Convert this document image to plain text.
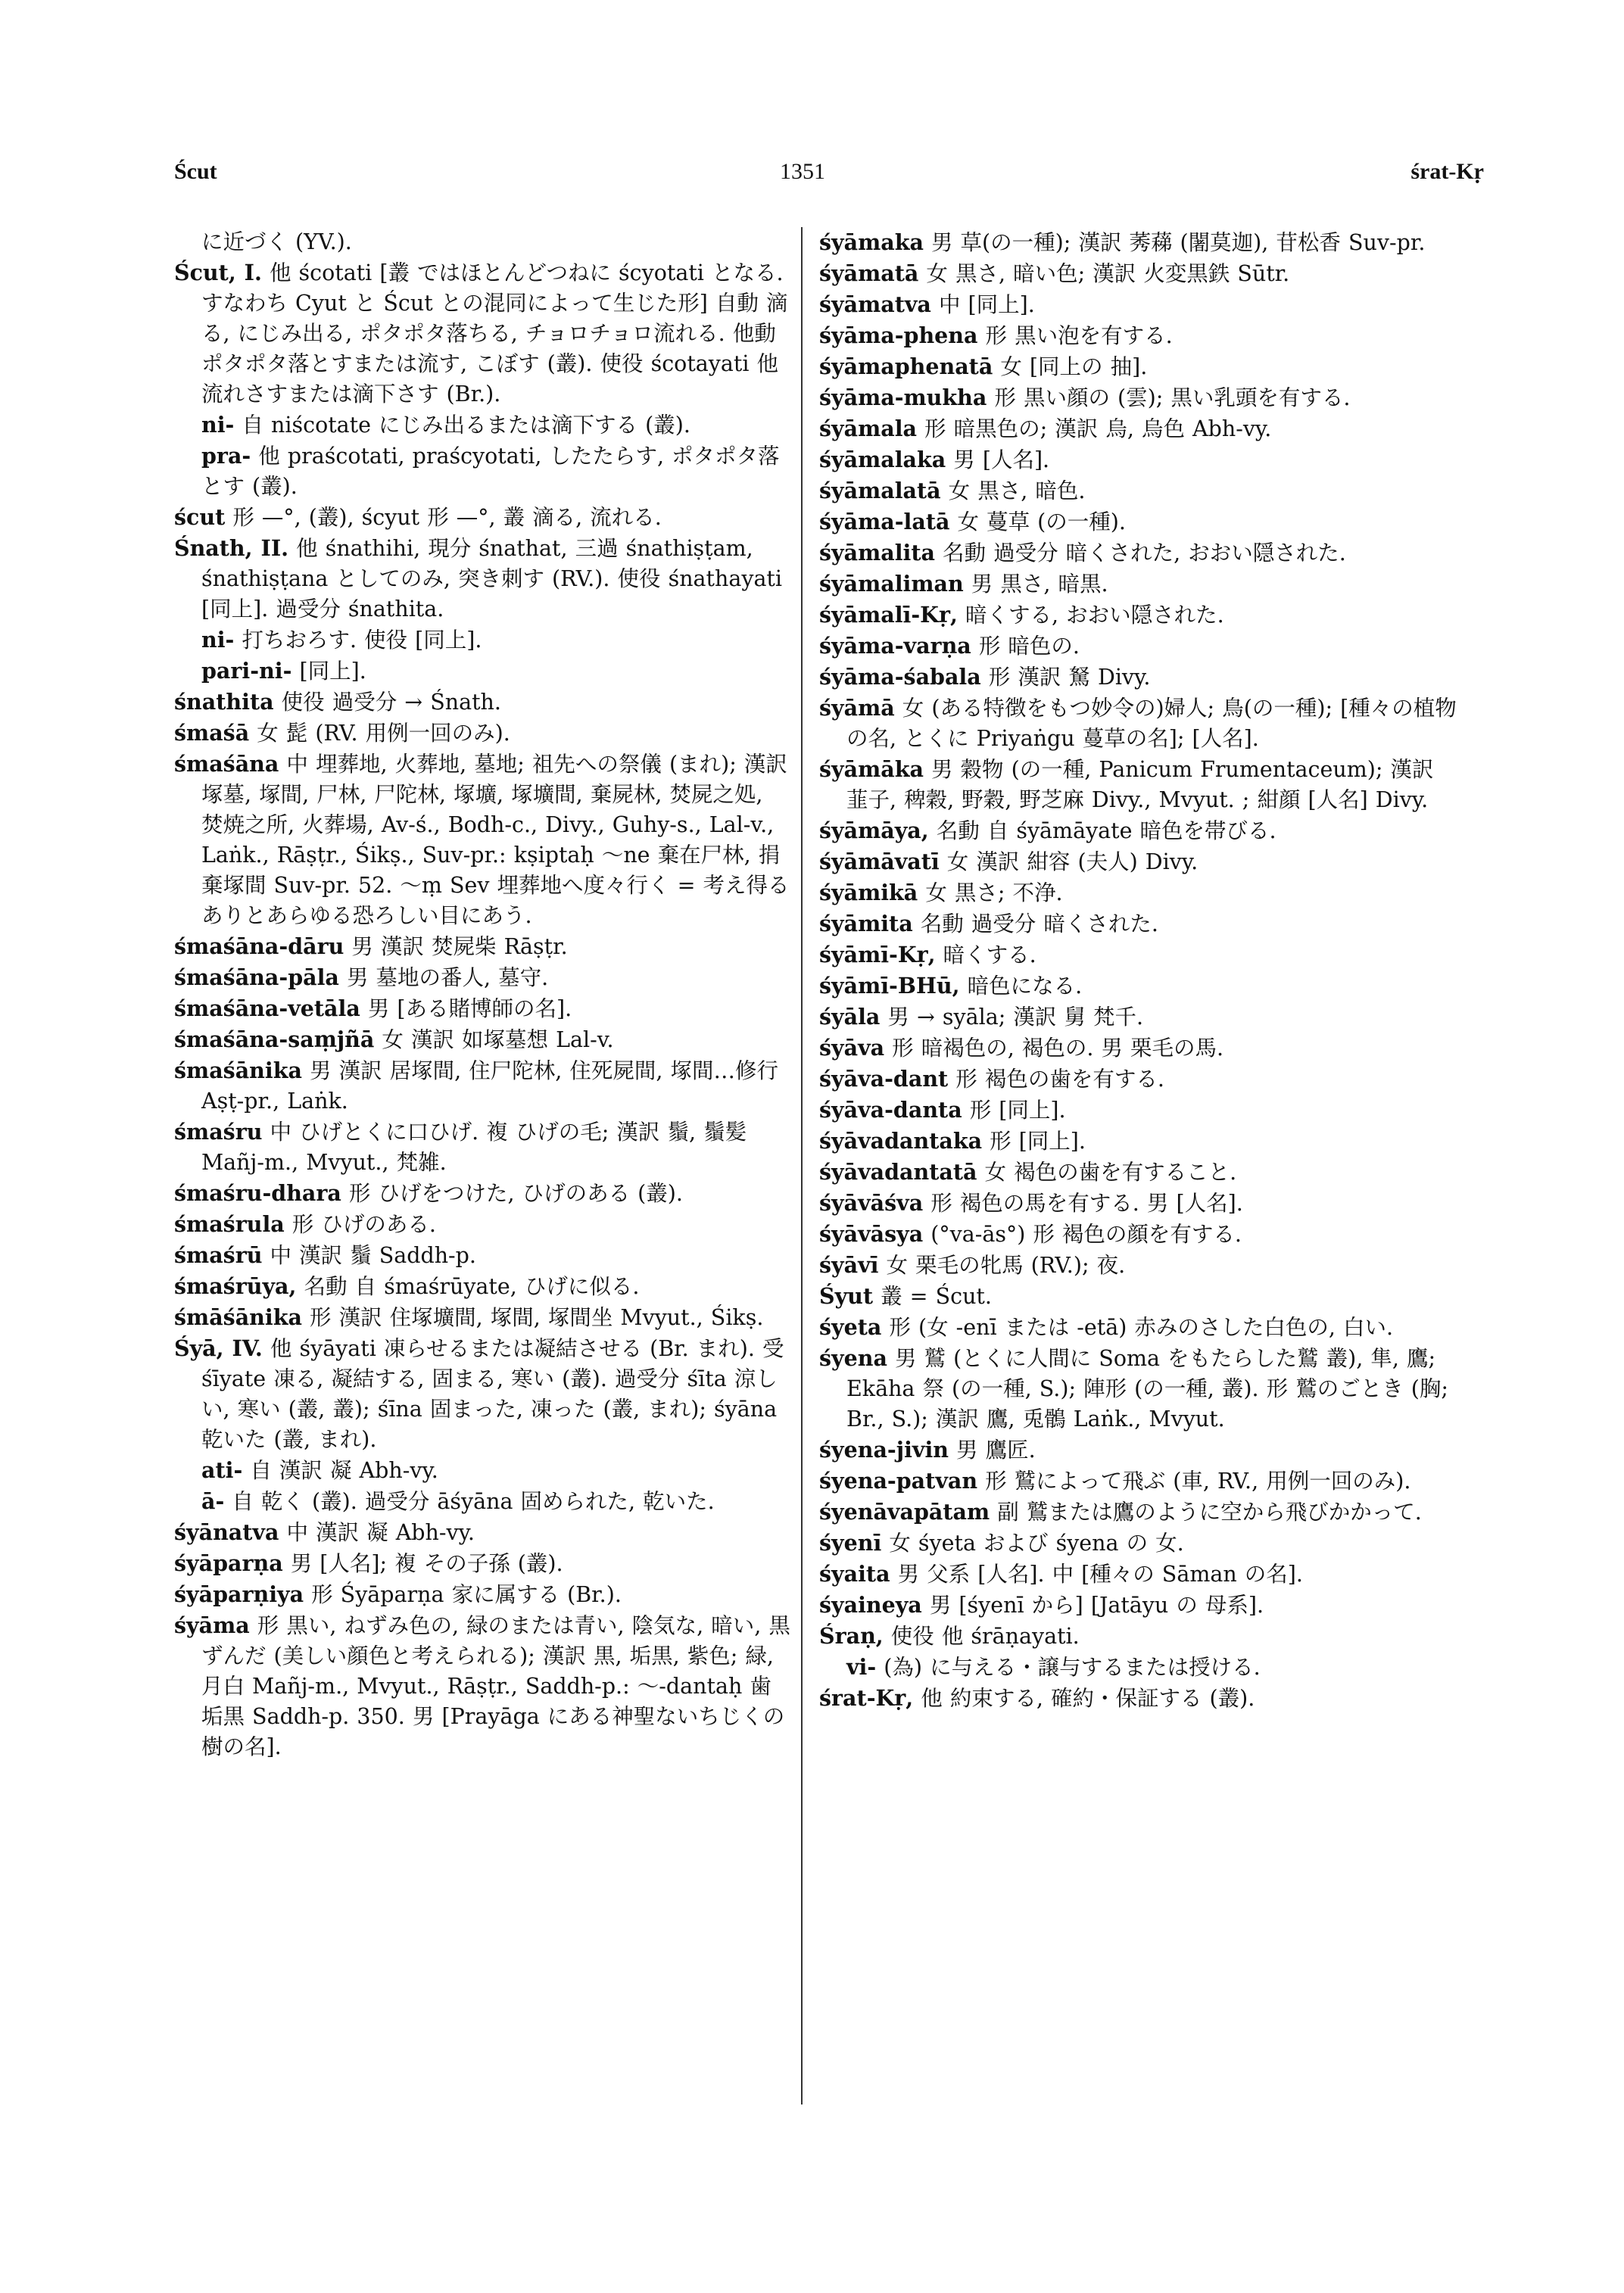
Ścut	1351	śrat-Kṛ

に近づく (YV.).

Ścut, I. 他 ścotati [叢 ではほとんどつねに ścyotati となる. すなわち Cyut と Ścut との混同によって生じた形] 自動 滴る, にじみ出る, ポタポタ落ちる, チョロチョロ流れる. 他動 ポタポタ落とすまたは流す, こぼす (叢). 使役 ścotayati 他 流れさすまたは滴下さす (Br.).

ni- 自 niścotate にじみ出るまたは滴下する (叢).

pra- 他 praścotati, praścyotati, したたらす, ポタポタ落とす (叢).

ścut 形 —°, (叢), ścyut 形 —°, 叢 滴る, 流れる.

Śnath, II. 他 śnathihi, 現分 śnathat, 三過 śnathiṣṭam, śnathiṣṭana としてのみ, 突き刺す (RV.). 使役 śnathayati [同上]. 過受分 śnathita.

ni- 打ちおろす. 使役 [同上].

pari-ni- [同上].

śnathita 使役 過受分 → Śnath.

śmaśā 女 髭 (RV. 用例一回のみ).

śmaśāna 中 埋葬地, 火葬地, 墓地; 祖先への祭儀 (まれ); 漢訳 塚墓, 塚間, 尸林, 尸陀林, 塚壙, 塚壙間, 棄屍林, 焚屍之処, 焚焼之所, 火葬場, Av-ś., Bodh-c., Divy., Guhy-s., Lal-v., Laṅk., Rāṣṭr., Śikṣ., Suv-pr.: kṣiptaḥ ～ne 棄在尸林, 捐棄塚間 Suv-pr. 52. ～ṃ Sev 埋葬地へ度々行く = 考え得るありとあらゆる恐ろしい目にあう.

śmaśāna-dāru 男 漢訳 焚屍柴 Rāṣṭr.

śmaśāna-pāla 男 墓地の番人, 墓守.

śmaśāna-vetāla 男 [ある賭博師の名].

śmaśāna-saṃjñā 女 漢訳 如塚墓想 Lal-v.

śmaśānika 男 漢訳 居塚間, 住尸陀林, 住死屍間, 塚間…修行 Aṣṭ-pr., Laṅk.

śmaśru 中 ひげとくに口ひげ. 複 ひげの毛; 漢訳 鬚, 鬚髪 Mañj-m., Mvyut., 梵雑.

śmaśru-dhara 形 ひげをつけた, ひげのある (叢).

śmaśrula 形 ひげのある.

śmaśrū 中 漢訳 鬚 Saddh-p.

śmaśrūya, 名動 自 śmaśrūyate, ひげに似る.

śmāśānika 形 漢訳 住塚壙間, 塚間, 塚間坐 Mvyut., Śikṣ.

Śyā, IV. 他 śyāyati 凍らせるまたは凝結させる (Br. まれ). 受 śīyate 凍る, 凝結する, 固まる, 寒い (叢). 過受分 śīta 涼しい, 寒い (叢, 叢); śīna 固まった, 凍った (叢, まれ); śyāna 乾いた (叢, まれ).

ati- 自 漢訳 凝 Abh-vy.

ā- 自 乾く (叢). 過受分 āśyāna 固められた, 乾いた.

śyānatva 中 漢訳 凝 Abh-vy.

śyāparṇa 男 [人名]; 複 その子孫 (叢).

śyāparṇiya 形 Śyāparṇa 家に属する (Br.).

śyāma 形 黒い, ねずみ色の, 緑のまたは青い, 陰気な, 暗い, 黒ずんだ (美しい顔色と考えられる); 漢訳 黒, 垢黒, 紫色; 緑, 月白 Mañj-m., Mvyut., Rāṣṭr., Saddh-p.: ～-dantaḥ 歯垢黒 Saddh-p. 350. 男 [Prayāga にある神聖ないちじくの樹の名].

śyāmaka 男 草(の一種); 漢訳 莠蕛 (闍莫迦), 苷松香 Suv-pr.

śyāmatā 女 黒さ, 暗い色; 漢訳 火変黒鉄 Sūtr.

śyāmatva 中 [同上].

śyāma-phena 形 黒い泡を有する.

śyāmaphenatā 女 [同上の 抽].

śyāma-mukha 形 黒い顔の (雲); 黒い乳頭を有する.

śyāmala 形 暗黒色の; 漢訳 烏, 烏色 Abh-vy.

śyāmalaka 男 [人名].

śyāmalatā 女 黒さ, 暗色.

śyāma-latā 女 蔓草 (の一種).

śyāmalita 名動 過受分 暗くされた, おおい隠された.

śyāmaliman 男 黒さ, 暗黒.

śyāmalī-Kṛ, 暗くする, おおい隠された.

śyāma-varṇa 形 暗色の.

śyāma-śabala 形 漢訳 駑 Divy.

śyāmā 女 (ある特徴をもつ妙令の)婦人; 鳥(の一種); [種々の植物の名, とくに Priyaṅgu 蔓草の名]; [人名].

śyāmāka 男 穀物 (の一種, Panicum Frumentaceum); 漢訳 韮子, 稗穀, 野穀, 野芝麻 Divy., Mvyut. ; 紺顔 [人名] Divy.

śyāmāya, 名動 自 śyāmāyate 暗色を帯びる.

śyāmāvatī 女 漢訳 紺容 (夫人) Divy.

śyāmikā 女 黒さ; 不浄.

śyāmita 名動 過受分 暗くされた.

śyāmī-Kṛ, 暗くする.

śyāmī-BHū, 暗色になる.

śyāla 男 → syāla; 漢訳 舅 梵千.

śyāva 形 暗褐色の, 褐色の. 男 栗毛の馬.

śyāva-dant 形 褐色の歯を有する.

śyāva-danta 形 [同上].

śyāvadantaka 形 [同上].

śyāvadantatā 女 褐色の歯を有すること.

śyāvāśva 形 褐色の馬を有する. 男 [人名].

śyāvāsya (°va-ās°) 形 褐色の顔を有する.

śyāvī 女 栗毛の牝馬 (RV.); 夜.

Śyut 叢 = Ścut.

śyeta 形 (女 -enī または -etā) 赤みのさした白色の, 白い.

śyena 男 鷲 (とくに人間に Soma をもたらした鷲 叢), 隼, 鷹; Ekāha 祭 (の一種, S.); 陣形 (の一種, 叢). 形 鷲のごとき (胸; Br., S.); 漢訳 鷹, 兎鶻 Laṅk., Mvyut.

śyena-jivin 男 鷹匠.

śyena-patvan 形 鷲によって飛ぶ (車, RV., 用例一回のみ).

śyenāvapātam 副 鷲または鷹のように空から飛びかかって.

śyenī 女 śyeta および śyena の 女.

śyaita 男 父系 [人名]. 中 [種々の Sāman の名].

śyaineya 男 [śyenī から] [Jatāyu の 母系].

Śraṇ, 使役 他 śrāṇayati.

vi- (為) に与える・譲与するまたは授ける.

śrat-Kṛ, 他 約束する, 確約・保証する (叢).
